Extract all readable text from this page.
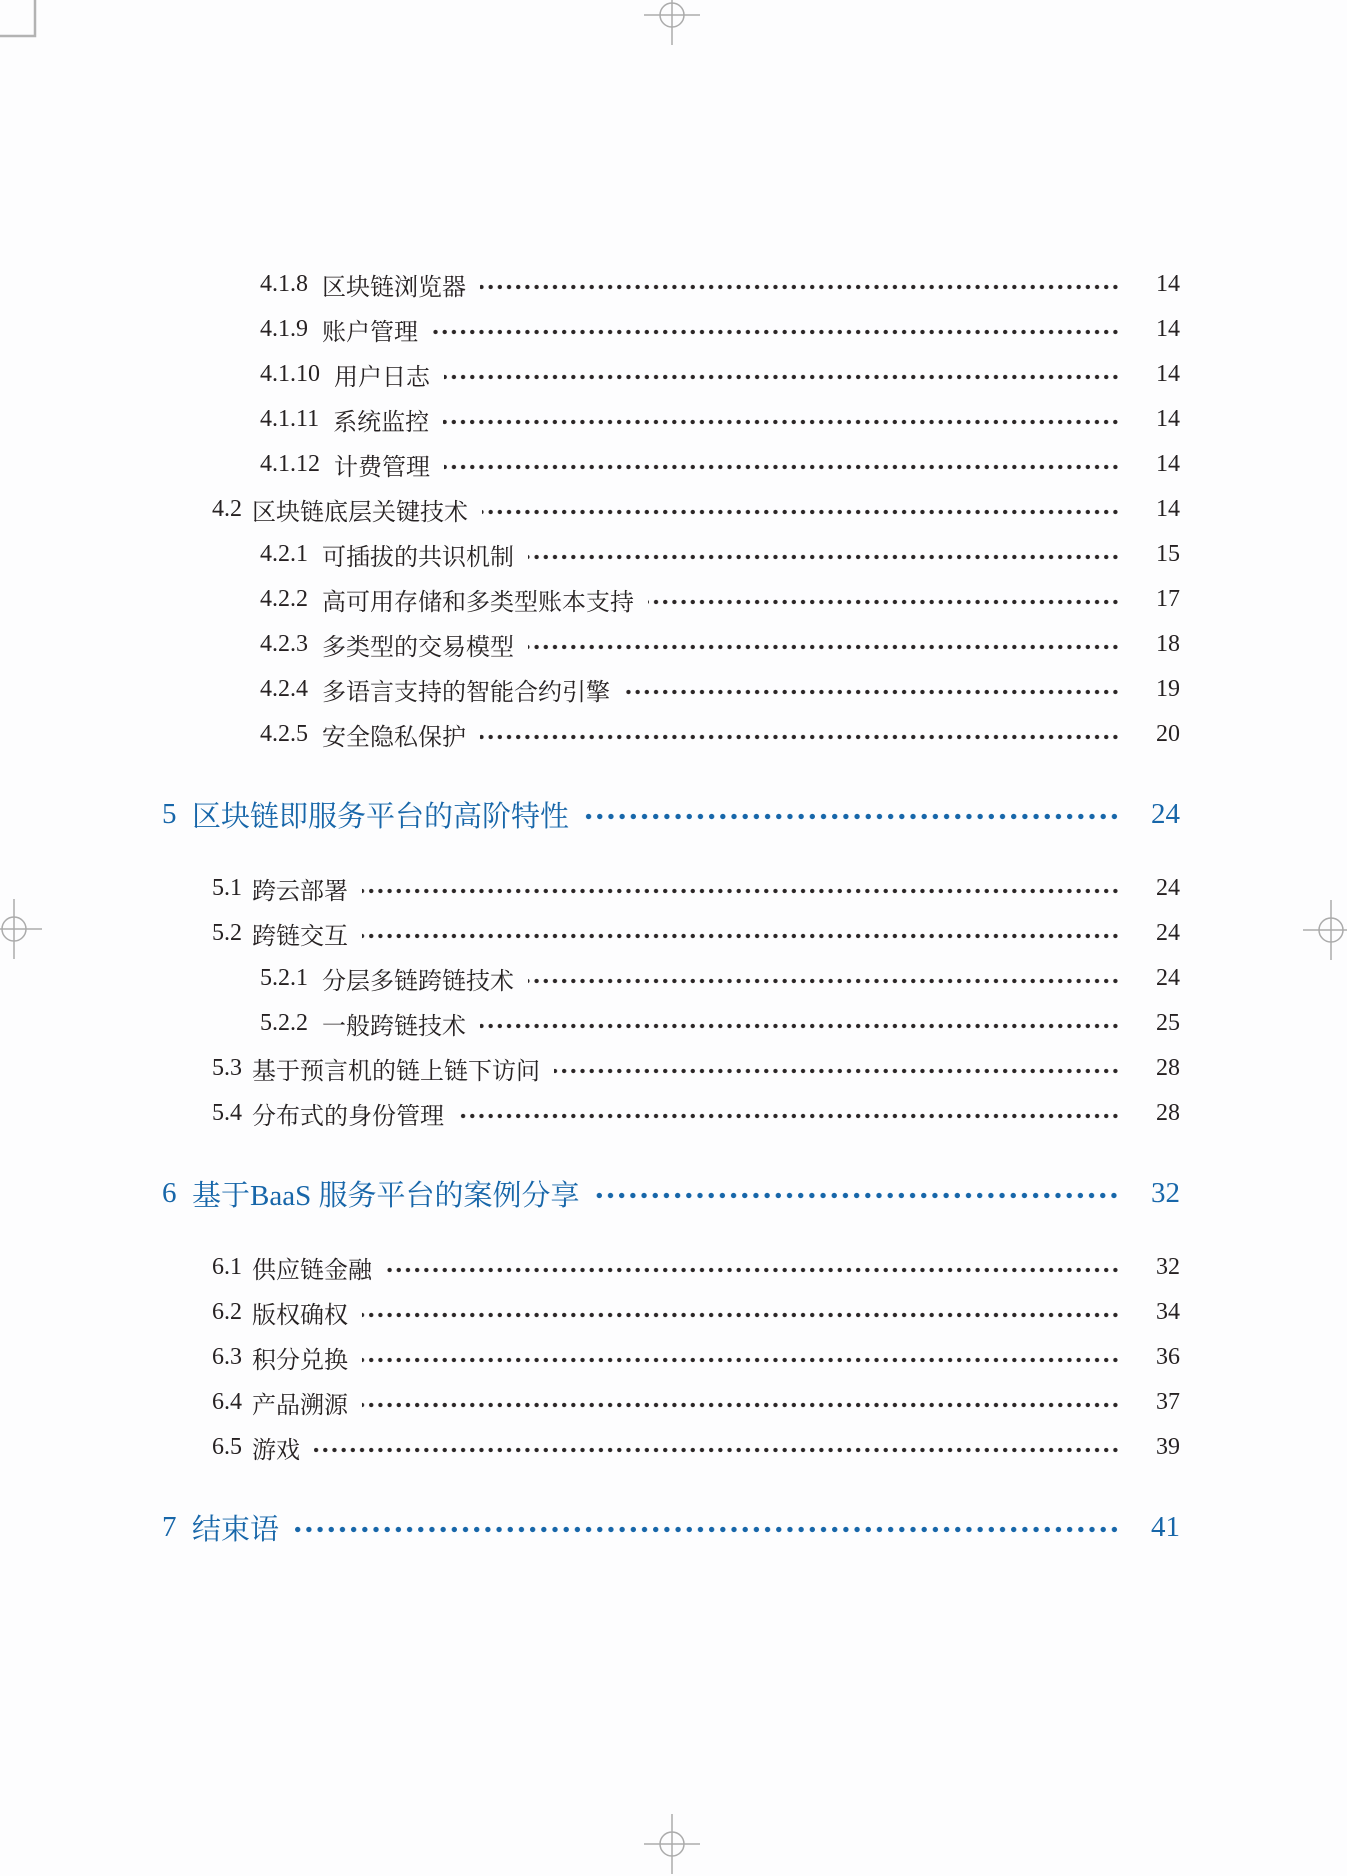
4.1.8 区块链浏览器	14
4.1.9 账户管理	14
4.1.10 用户日志	14
4.1.11 系统监控	14
4.1.12 计费管理	14
4.2 区块链底层关键技术	14
4.2.1 可插拔的共识机制	15
4.2.2 高可用存储和多类型账本支持	17
4.2.3 多类型的交易模型	18
4.2.4 多语言支持的智能合约引擎	19
4.2.5 安全隐私保护	20
5 区块链即服务平台的高阶特性	24
5.1 跨云部署	24
5.2 跨链交互	24
5.2.1 分层多链跨链技术	24
5.2.2 一般跨链技术	25
5.3 基于预言机的链上链下访问	28
5.4 分布式的身份管理	28
6 基于BaaS 服务平台的案例分享	32
6.1 供应链金融	32
6.2 版权确权	34
6.3 积分兑换	36
6.4 产品溯源	37
6.5 游戏	39
7 结束语	41
